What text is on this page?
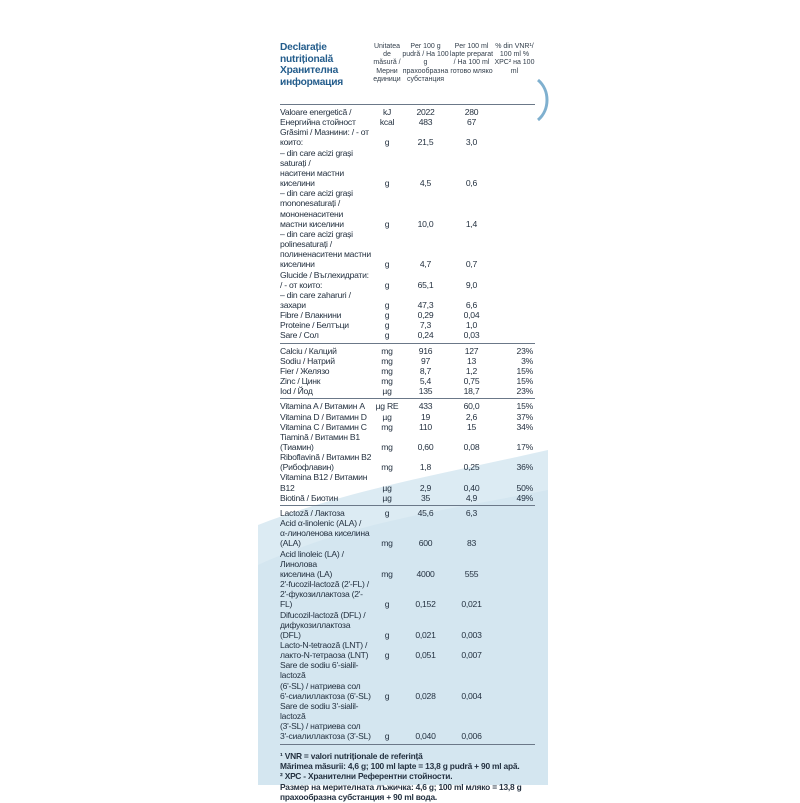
Declarație nutrițională
Хранителна
информация
Unitatea de măsură / Мерни единици
Per 100 g pudră / На 100 g прахообразна субстанция
Per 100 ml lapte preparat / На 100 ml готово мляко
% din VNR¹/ 100 ml % ХРС² на 100 ml
Valoare energetică /	kJ	2022	280
Енергийна стойност	kcal	483	67
Grăsimi / Мазнини: / - от които:	g	21,5	3,0
– din care acizi grași saturați /
наситени мастни киселини	g	4,5	0,6
– din care acizi grași
mononesaturați / мононенаситени
мастни киселини	g	10,0	1,4
– din care acizi grași polinesaturați /
полиненаситени мастни киселини	g	4,7	0,7
Glucide / Въглехидрати: / - от които:	g	65,1	9,0
– din care zaharuri / захари	g	47,3	6,6
Fibre / Влакнини	g	0,29	0,04
Proteine / Белтъци	g	7,3	1,0
Sare / Сол	g	0,24	0,03
Calciu / Калций	mg	916	127	23%
Sodiu / Натрий	mg	97	13	3%
Fier / Желязо	mg	8,7	1,2	15%
Zinc / Цинк	mg	5,4	0,75	15%
Iod / Йод	µg	135	18,7	23%
Vitamina A / Витамин A	µg RE	433	60,0	15%
Vitamina D / Витамин D	µg	19	2,6	37%
Vitamina C / Витамин C	mg	110	15	34%
Tiamină / Витамин B1 (Тиамин)	mg	0,60	0,08	17%
Riboflavină / Витамин B2
(Рибофлавин)	mg	1,8	0,25	36%
Vitamina B12 / Витамин B12	µg	2,9	0,40	50%
Biotină / Биотин	µg	35	4,9	49%
Lactoză / Лактоза	g	45,6	6,3
Acid α-linolenic (ALA) /
α-линоленова киселина (ALA)	mg	600	83
Acid linoleic (LA) / Линолова
киселина (LA)	mg	4000	555
2'-fucozil-lactoză (2'-FL) /
2'-фукозиллактоза (2'-FL)	g	0,152	0,021
Difucozil-lactoză (DFL) /
дифукозиллактоза (DFL)	g	0,021	0,003
Lacto-N-tetraoză (LNT) /
лакто-N-тетраоза (LNT)	g	0,051	0,007
Sare de sodiu 6'-sialil-lactoză
(6'-SL) / натриева сол
6'-сиалиллактоза (6'-SL)	g	0,028	0,004
Sare de sodiu 3'-sialil-lactoză
(3'-SL) / натриева сол
3'-сиалиллактоза (3'-SL)	g	0,040	0,006
¹ VNR = valori nutriționale de referință
Mărimea măsurii: 4,6 g; 100 ml lapte = 13,8 g pudră + 90 ml apă.
² ХРС - Хранителни Референтни стойности.
Размер на мерителната лъжичка: 4,6 g; 100 ml мляко = 13,8 g
прахообразна субстанция + 90 ml вода.
